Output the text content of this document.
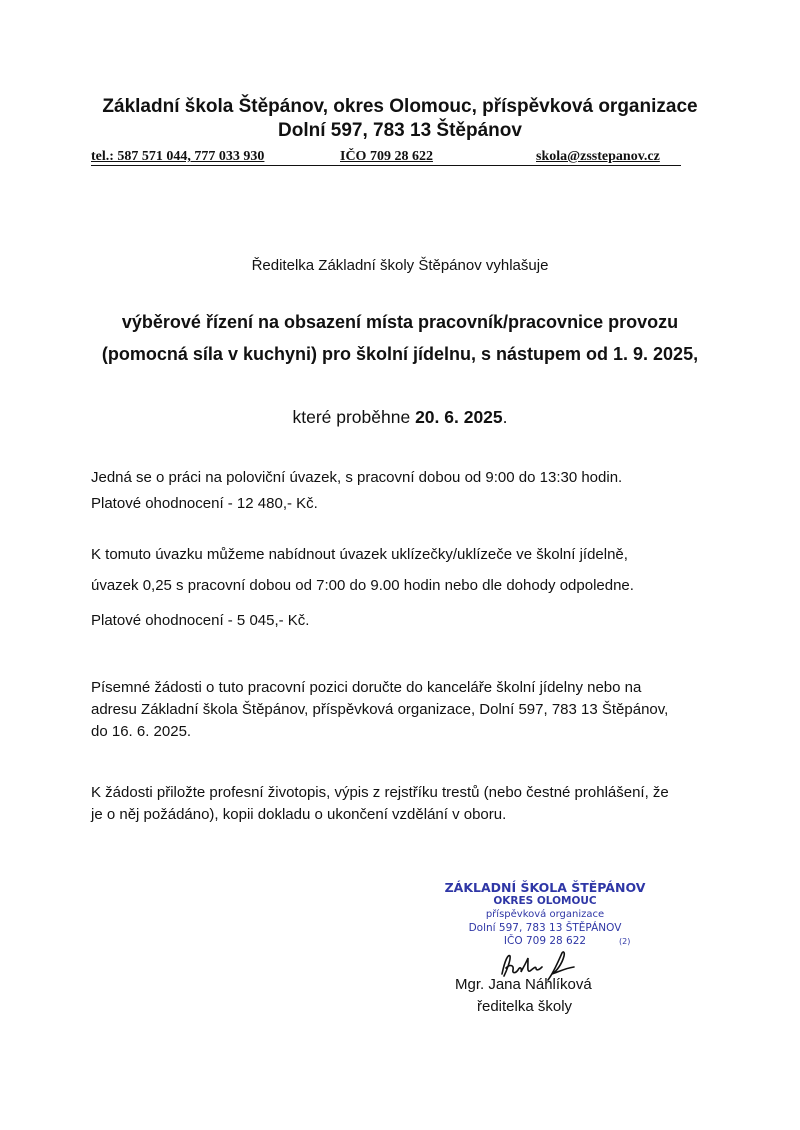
Základní škola Štěpánov, okres Olomouc, příspěvková organizace
Dolní 597, 783 13 Štěpánov
tel.: 587 571 044, 777 033 930	IČO 709 28 622	skola@zsstepanov.cz
Ředitelka Základní školy Štěpánov vyhlašuje
výběrové řízení na obsazení místa pracovník/pracovnice provozu
(pomocná síla v kuchyni) pro školní jídelnu, s nástupem od 1. 9. 2025,
které proběhne 20. 6. 2025.
Jedná se o práci na poloviční úvazek, s pracovní dobou od 9:00 do 13:30 hodin.
Platové ohodnocení - 12 480,- Kč.
K tomuto úvazku můžeme nabídnout úvazek uklízečky/uklízeče ve školní jídelně,
úvazek 0,25 s pracovní dobou od 7:00 do 9.00 hodin nebo dle dohody odpoledne.
Platové ohodnocení - 5 045,- Kč.
Písemné žádosti o tuto pracovní pozici doručte do kanceláře školní jídelny nebo na
adresu Základní škola Štěpánov, příspěvková organizace, Dolní 597, 783 13 Štěpánov,
do 16. 6. 2025.
K žádosti přiložte profesní životopis, výpis z rejstříku trestů (nebo čestné prohlášení, že
je o něj požádáno), kopii dokladu o ukončení vzdělání v oboru.
ZÁKLADNÍ ŠKOLA ŠTĚPÁNOV
OKRES OLOMOUC
příspěvková organizace
Dolní 597, 783 13 ŠTĚPÁNOV
IČO 709 28 622	(2)
Mgr. Jana Náhlíková
ředitelka školy
